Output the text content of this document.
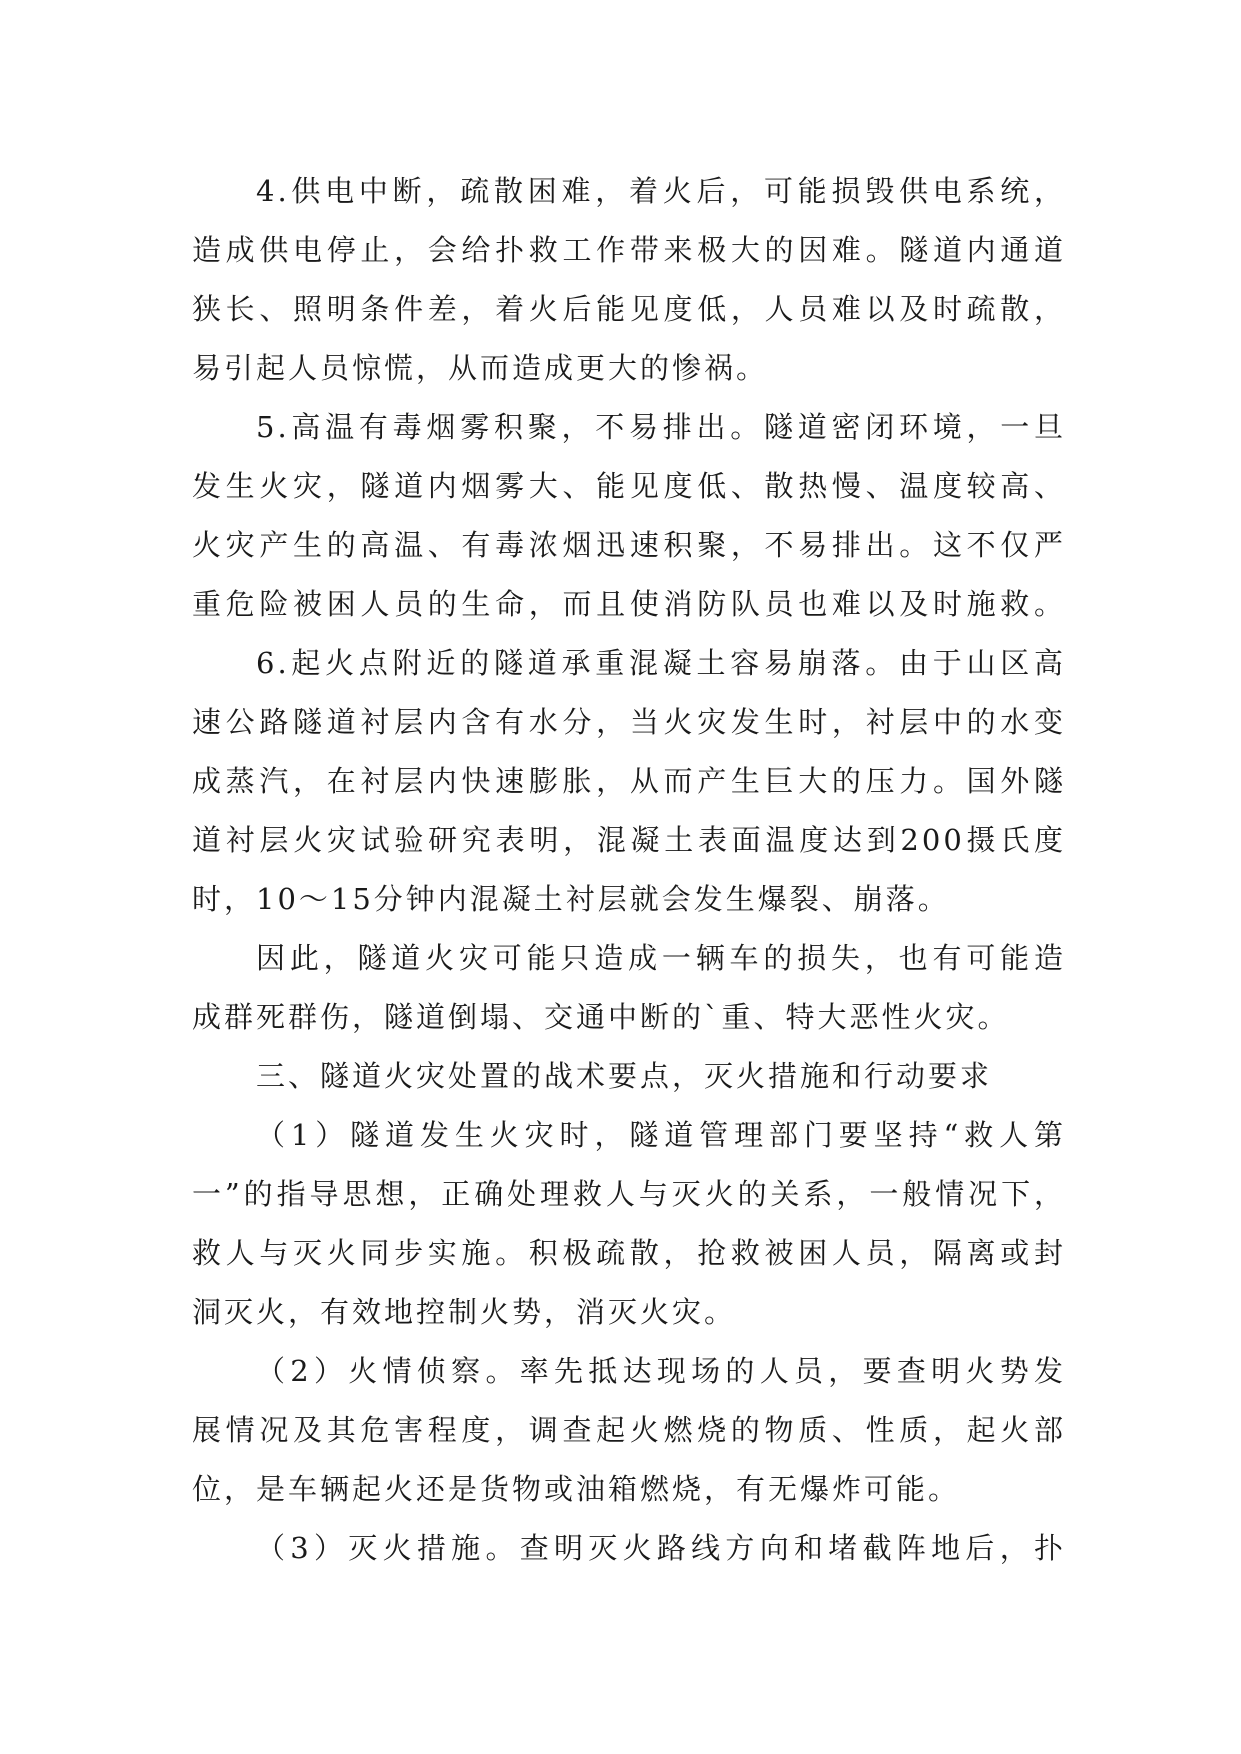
4.供电中断，疏散困难，着火后，可能损毁供电系统，
造成供电停止，会给扑救工作带来极大的因难。隧道内通道
狭长、照明条件差，着火后能见度低，人员难以及时疏散，
易引起人员惊慌，从而造成更大的惨祸。
5.高温有毒烟雾积聚，不易排出。隧道密闭环境，一旦
发生火灾，隧道内烟雾大、能见度低、散热慢、温度较高、
火灾产生的高温、有毒浓烟迅速积聚，不易排出。这不仅严
重危险被困人员的生命，而且使消防队员也难以及时施救。
6.起火点附近的隧道承重混凝土容易崩落。由于山区高
速公路隧道衬层内含有水分，当火灾发生时，衬层中的水变
成蒸汽，在衬层内快速膨胀，从而产生巨大的压力。国外隧
道衬层火灾试验研究表明，混凝土表面温度达到200摄氏度
时，10～15分钟内混凝土衬层就会发生爆裂、崩落。
因此，隧道火灾可能只造成一辆车的损失，也有可能造
成群死群伤，隧道倒塌、交通中断的`重、特大恶性火灾。
三、隧道火灾处置的战术要点，灭火措施和行动要求
（1）隧道发生火灾时，隧道管理部门要坚持“救人第
一”的指导思想，正确处理救人与灭火的关系，一般情况下，
救人与灭火同步实施。积极疏散，抢救被困人员，隔离或封
洞灭火，有效地控制火势，消灭火灾。
（2）火情侦察。率先抵达现场的人员，要查明火势发
展情况及其危害程度，调查起火燃烧的物质、性质，起火部
位，是车辆起火还是货物或油箱燃烧，有无爆炸可能。
（3）灭火措施。查明灭火路线方向和堵截阵地后，扑
